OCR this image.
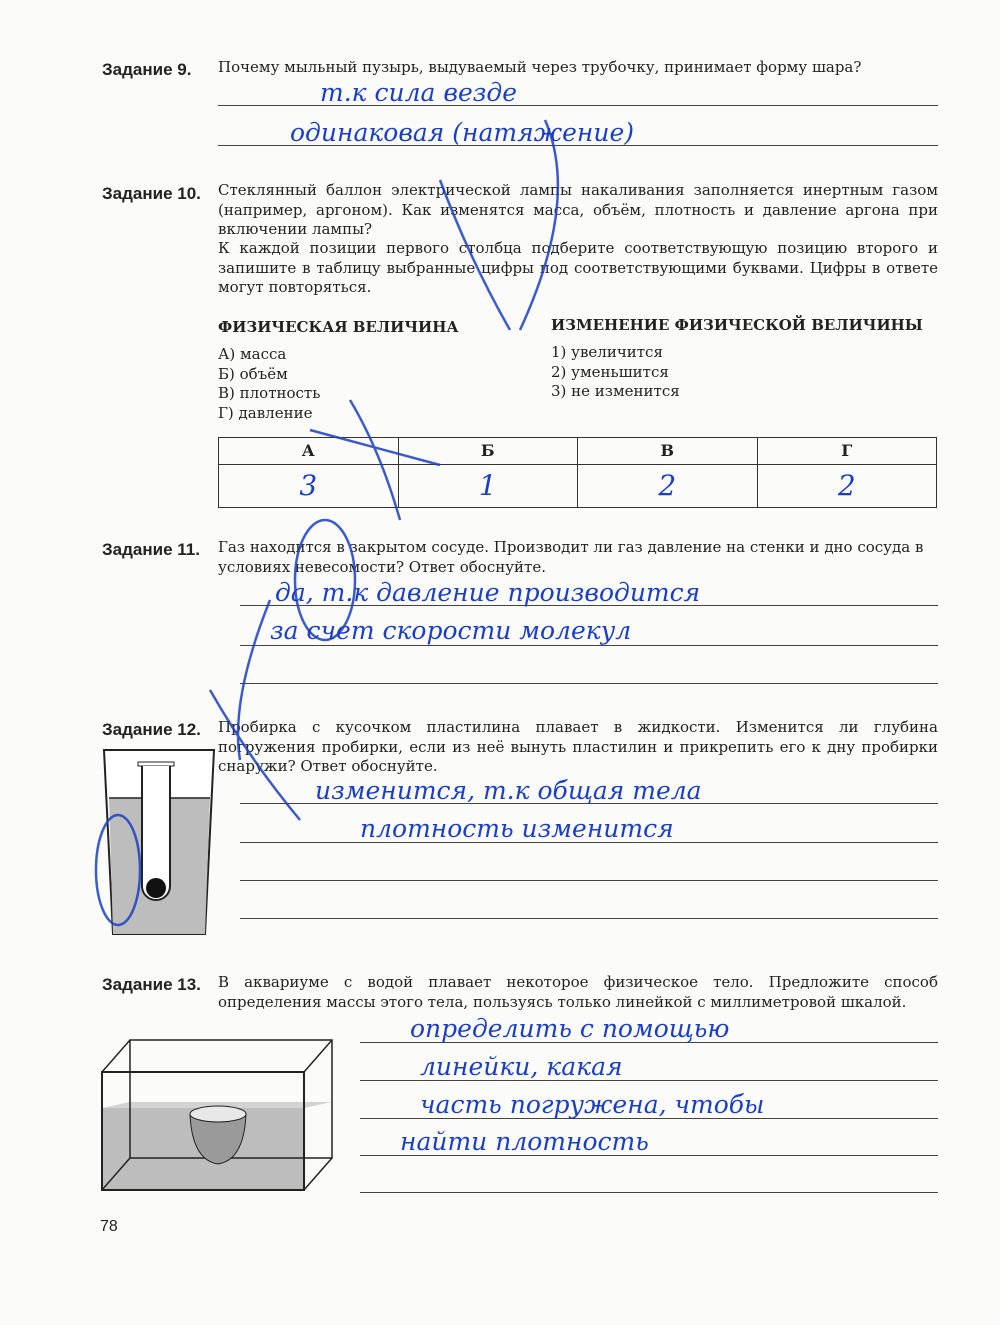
Задание 9. Почему мыльный пузырь, выдуваемый через трубочку, принимает форму шара?
т.к сила везде
одинаковая (натяжение)
Задание 10. Стеклянный баллон электрической лампы накаливания заполняется инертным газом (например, аргоном). Как изменятся масса, объём, плотность и давление аргона при включении лампы?
К каждой позиции первого столбца подберите соответствующую позицию второго и запишите в таблицу выбранные цифры под соответствующими буквами. Цифры в ответе могут повторяться.
ФИЗИЧЕСКАЯ ВЕЛИЧИНА
А) масса
Б) объём
В) плотность
Г) давление
ИЗМЕНЕНИЕ ФИЗИЧЕСКОЙ ВЕЛИЧИНЫ
1) увеличится
2) уменьшится
3) не изменится
А	Б	В	Г
3	1	2	2
Задание 11. Газ находится в закрытом сосуде. Производит ли газ давление на стенки и дно сосуда в условиях невесомости? Ответ обоснуйте.
да, т.к давление производится
за счет скорости молекул
Задание 12. Пробирка с кусочком пластилина плавает в жидкости. Изменится ли глубина погружения пробирки, если из неё вынуть пластилин и прикрепить его к дну пробирки снаружи? Ответ обоснуйте.
изменится, т.к общая тела
плотность изменится
Задание 13. В аквариуме с водой плавает некоторое физическое тело. Предложите способ определения массы этого тела, пользуясь только линейкой с миллиметровой шкалой.
определить с помощью
линейки, какая
часть погружена, чтобы
найти плотность
78
